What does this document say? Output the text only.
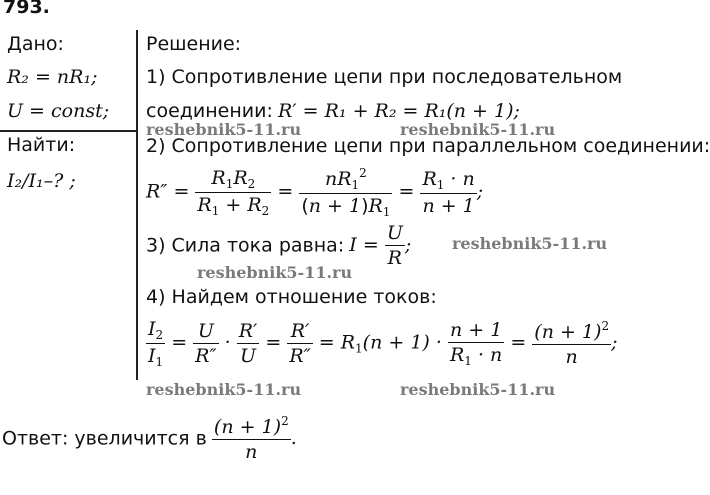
793.
Дано:
R₂ = nR₁;
U = const;
Найти:
I₂/I₁–? ;
Решение:
1) Сопротивление цепи при последовательном
соединении: R′ = R₁ + R₂ = R₁(n + 1);
2) Сопротивление цепи при параллельном соединении:
$R'' = \frac{R_1R_2}{R_1 + R_2} = \frac{nR_1^2}{(n + 1)R_1} = \frac{R_1 \cdot n}{n + 1}$ ;
3) Сила тока равна: $I = \frac{U}{R}$ ;
4) Найдем отношение токов:
$\frac{I_2}{I_1} = \frac{U}{R''} \cdot \frac{R'}{U} = \frac{R'}{R''} = R_1(n + 1) \cdot \frac{n + 1}{R_1 \cdot n} = \frac{(n + 1)^2}{n}$ ;
Ответ: увеличится в $\frac{(n + 1)^2}{n}$ .
reshebnik5-11.ru	reshebnik5-11.ru
reshebnik5-11.ru
reshebnik5-11.ru
reshebnik5-11.ru	reshebnik5-11.ru
